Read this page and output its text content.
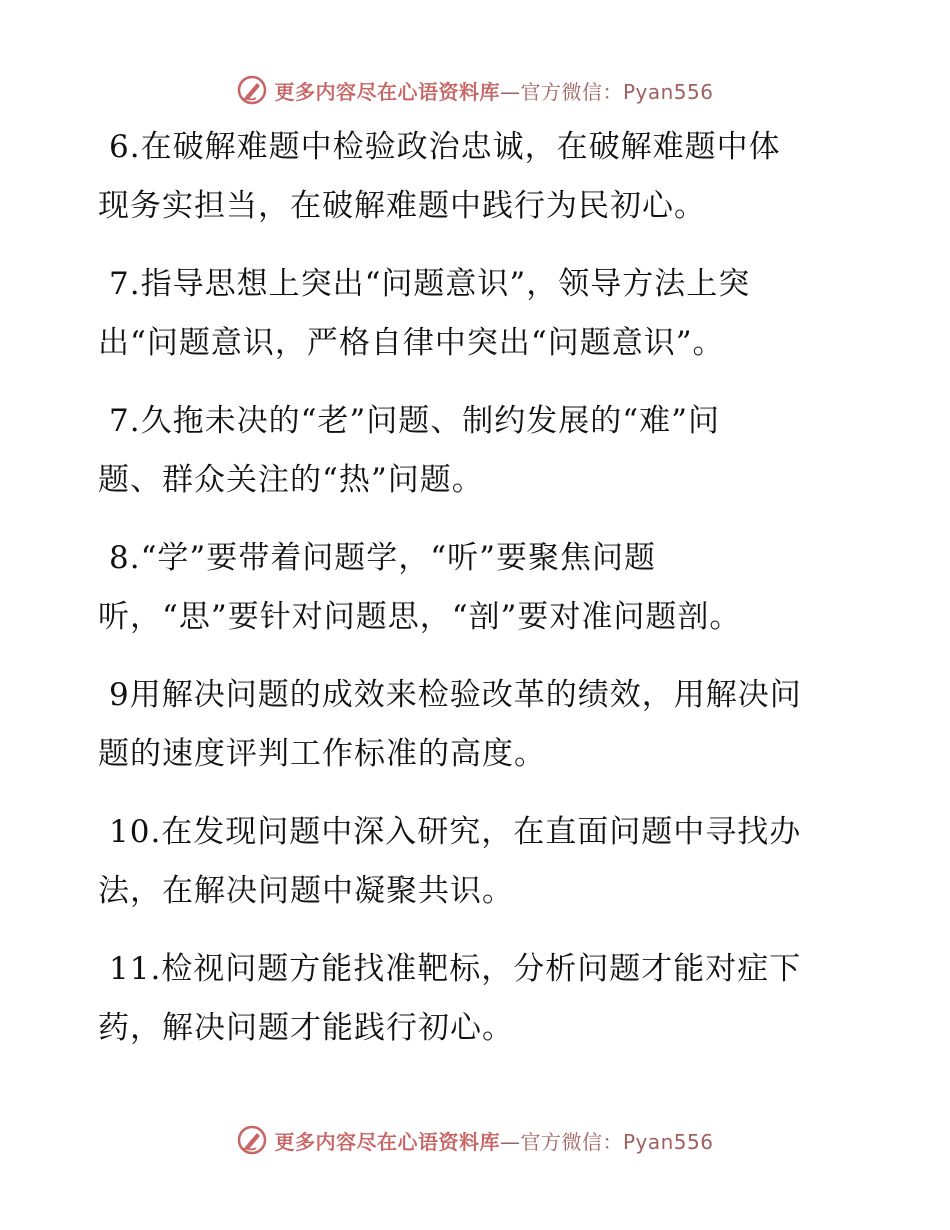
更多内容尽在心语资料库 —官方微信：Pyan556
6.在破解难题中检验政治忠诚，在破解难题中体
现务实担当，在破解难题中践行为民初心。
7.指导思想上突出“问题意识”，领导方法上突
出“问题意识，严格自律中突出“问题意识”。
7.久拖未决的“老”问题、制约发展的“难”问
题、群众关注的“热”问题。
8.“学”要带着问题学，“听”要聚焦问题
听，“思”要针对问题思，“剖”要对准问题剖。
9用解决问题的成效来检验改革的绩效，用解决问
题的速度评判工作标准的高度。
10.在发现问题中深入研究，在直面问题中寻找办
法，在解决问题中凝聚共识。
11.检视问题方能找准靶标，分析问题才能对症下
药，解决问题才能践行初心。
更多内容尽在心语资料库 —官方微信：Pyan556
